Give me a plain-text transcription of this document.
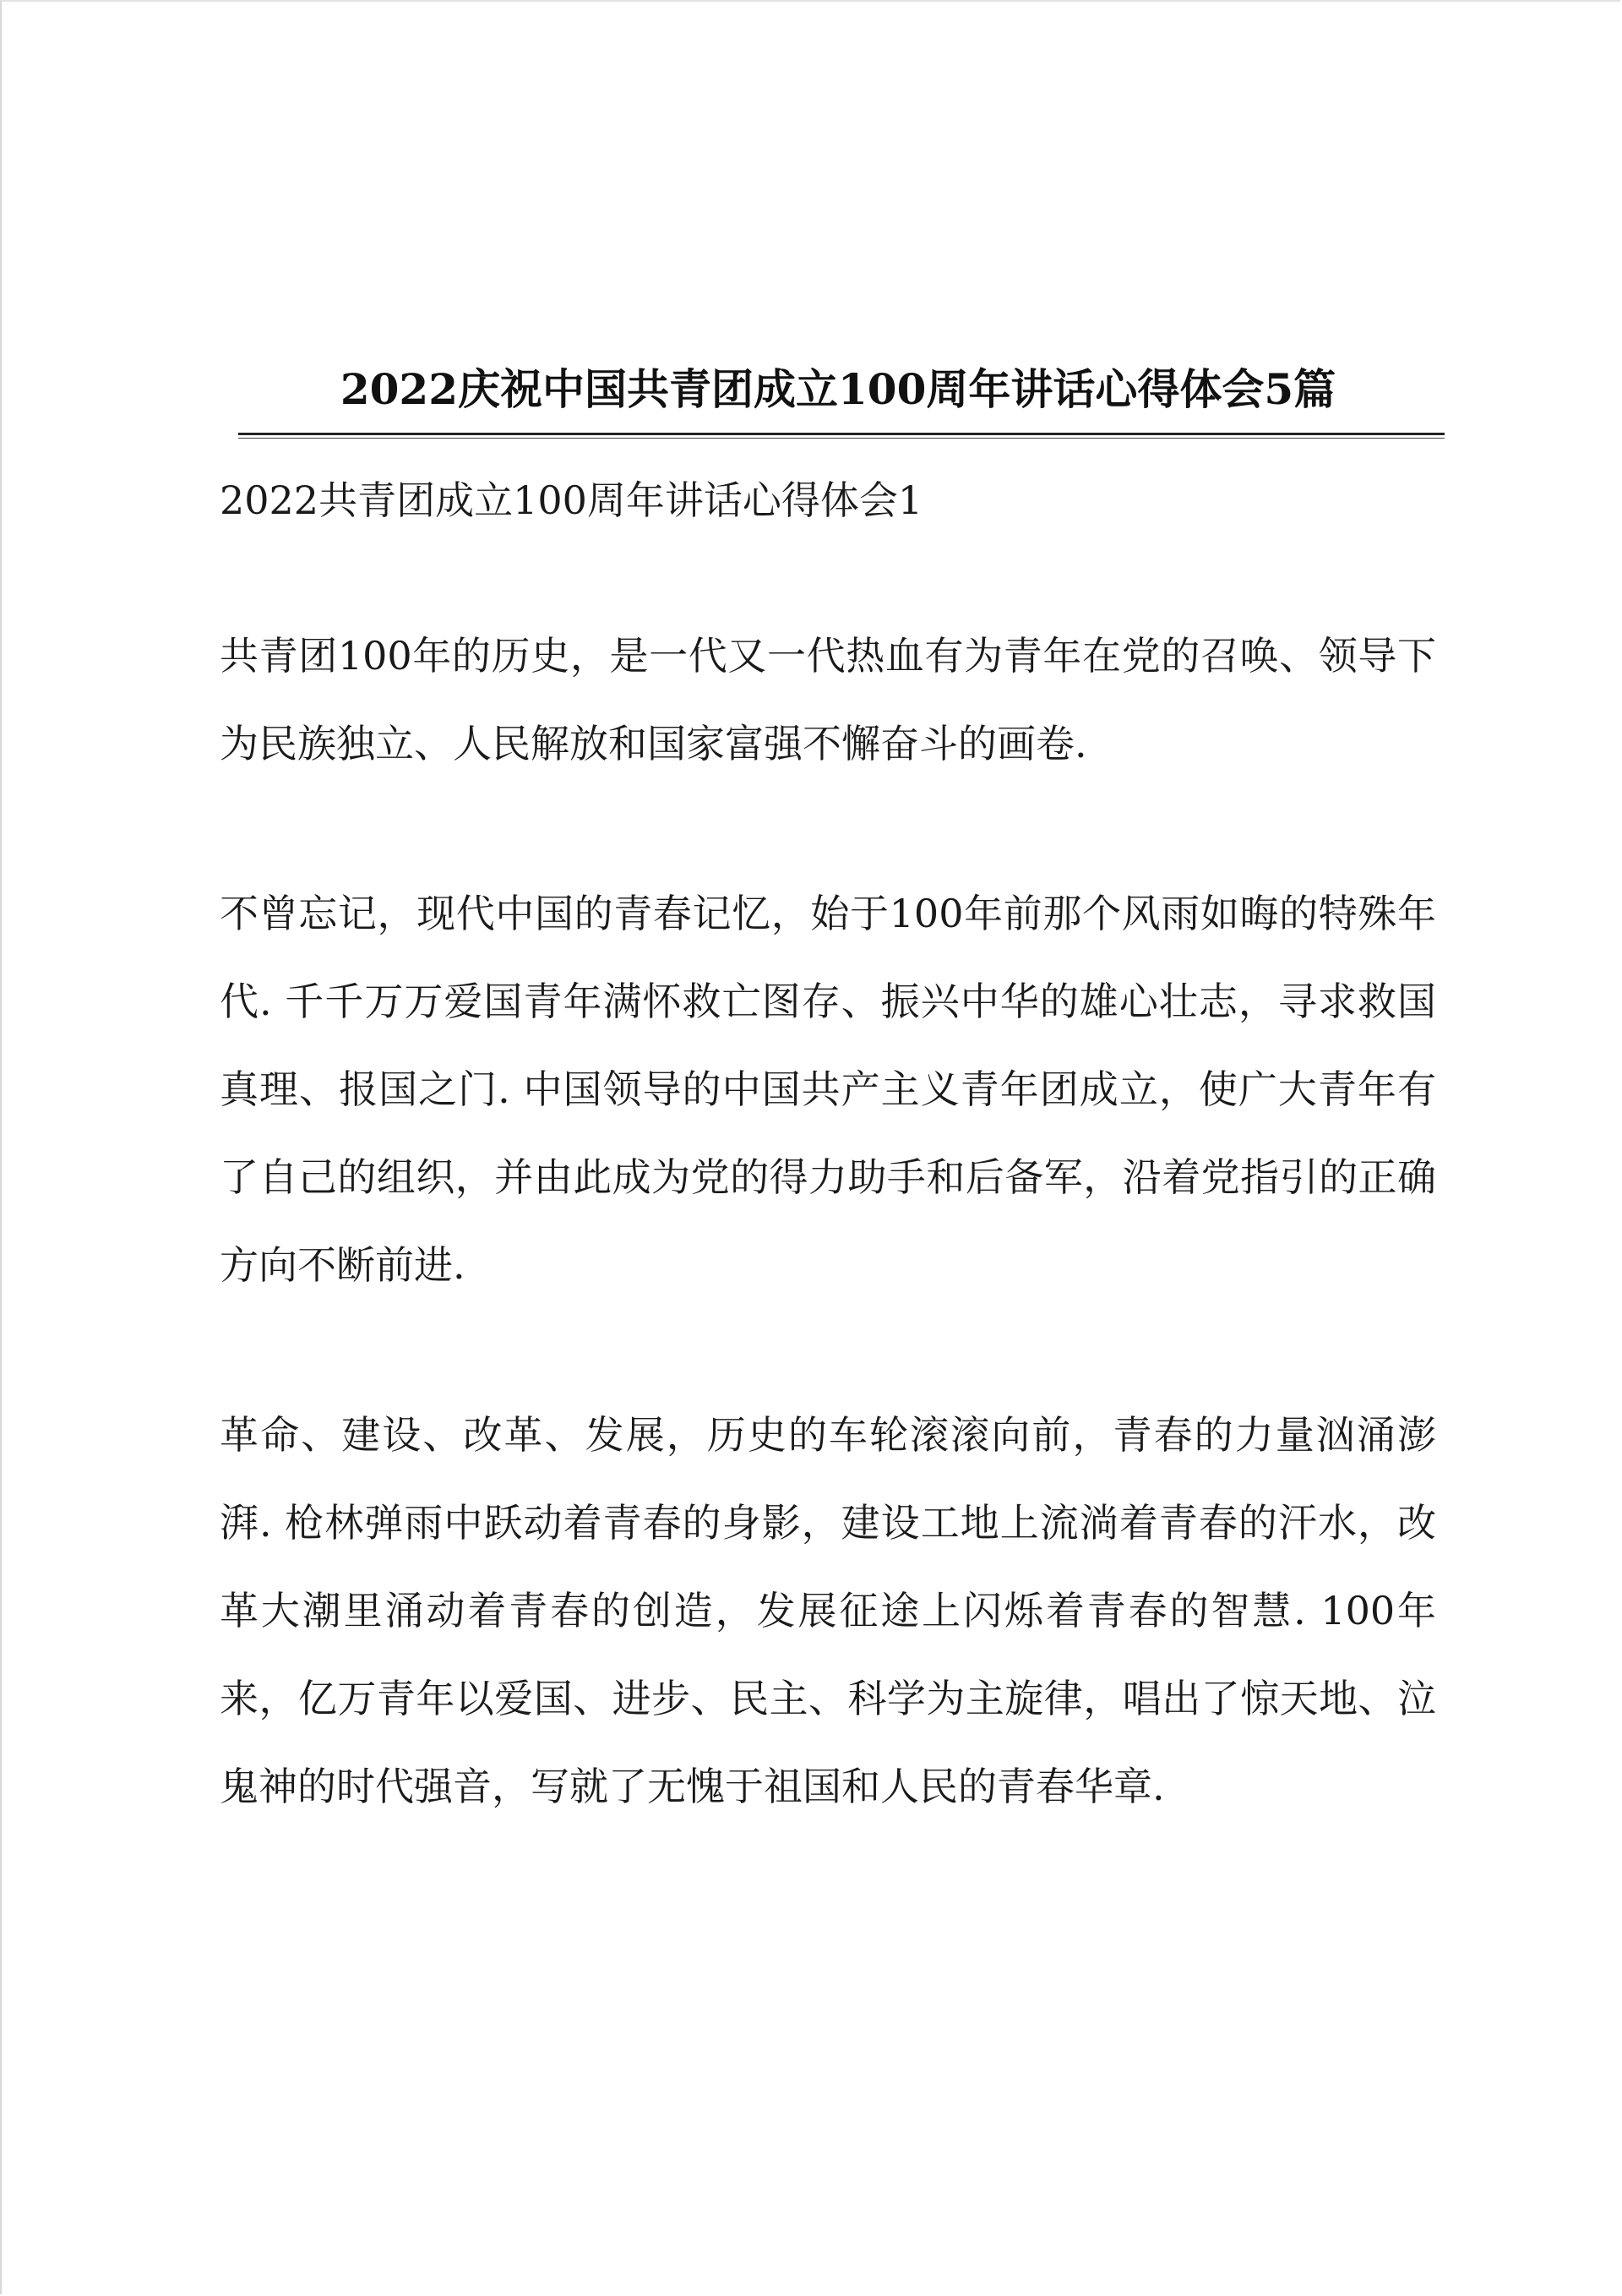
2022庆祝中国共青团成立100周年讲话心得体会5篇

2022共青团成立100周年讲话心得体会1

共青团100年的历史，是一代又一代热血有为青年在党的召唤、领导下为民族独立、人民解放和国家富强不懈奋斗的画卷.

不曾忘记，现代中国的青春记忆，始于100年前那个风雨如晦的特殊年代. 千千万万爱国青年满怀救亡图存、振兴中华的雄心壮志，寻求救国真理、报国之门. 中国领导的中国共产主义青年团成立，使广大青年有了自己的组织，并由此成为党的得力助手和后备军，沿着党指引的正确方向不断前进.

革命、建设、改革、发展，历史的车轮滚滚向前，青春的力量汹涌澎湃. 枪林弹雨中跃动着青春的身影，建设工地上流淌着青春的汗水，改革大潮里涌动着青春的创造，发展征途上闪烁着青春的智慧. 100年来，亿万青年以爱国、进步、民主、科学为主旋律，唱出了惊天地、泣鬼神的时代强音，写就了无愧于祖国和人民的青春华章.
